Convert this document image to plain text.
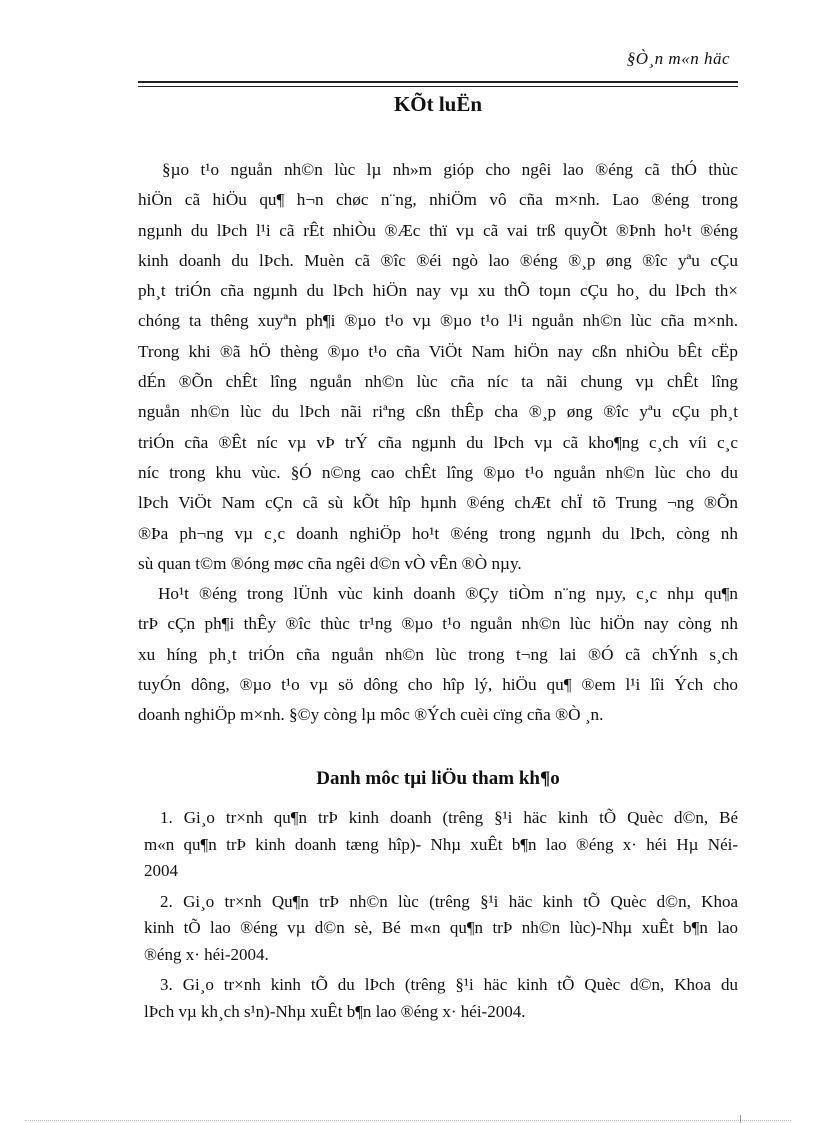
§Ò¸n m«n häc
KÕt luËn
§µo t¹o nguån nh©n lùc lµ nh»m gióp cho ngêi lao ®éng cã thÓ thùc
hiÖn cã hiÖu qu¶ h¬n chøc n¨ng, nhiÖm vô cña m×nh. Lao ®éng trong
ngµnh du lÞch l¹i cã rÊt nhiÒu ®Æc thï vµ cã vai trß quyÕt ®Þnh ho¹t ®éng
kinh doanh du lÞch. Muèn cã ®îc ®éi ngò lao ®éng ®¸p øng ®îc yªu cÇu
ph¸t triÓn cña ngµnh du lÞch hiÖn nay vµ xu thÕ toµn cÇu ho¸ du lÞch th×
chóng ta thêng xuyªn ph¶i ®µo t¹o vµ ®µo t¹o l¹i nguån nh©n lùc cña m×nh.
Trong khi ®ã hÖ thèng ®µo t¹o cña ViÖt Nam hiÖn nay cßn nhiÒu bÊt cËp
dÉn ®Õn chÊt lîng nguån nh©n lùc cña níc ta nãi chung vµ chÊt lîng
nguån nh©n lùc du lÞch nãi riªng cßn thÊp cha ®¸p øng ®îc yªu cÇu ph¸t
triÓn cña ®Êt níc vµ vÞ trÝ cña ngµnh du lÞch vµ cã kho¶ng c¸ch víi c¸c
níc trong khu vùc. §Ó n©ng cao chÊt lîng ®µo t¹o nguån nh©n lùc cho du
lÞch ViÖt Nam cÇn cã sù kÕt hîp hµnh ®éng chÆt chÏ tõ Trung ¬ng ®Õn
®Þa ph¬ng vµ c¸c doanh nghiÖp ho¹t ®éng trong ngµnh du lÞch, còng nh
sù quan t©m ®óng møc cña ngêi d©n vÒ vÊn ®Ò nµy.
Ho¹t ®éng trong lÜnh vùc kinh doanh ®Çy tiÒm n¨ng nµy, c¸c nhµ qu¶n
trÞ cÇn ph¶i thÊy ®îc thùc tr¹ng ®µo t¹o nguån nh©n lùc hiÖn nay còng nh
xu híng ph¸t triÓn cña nguån nh©n lùc trong t¬ng lai ®Ó cã chÝnh s¸ch
tuyÓn dông, ®µo t¹o vµ sö dông cho hîp lý, hiÖu qu¶ ®em l¹i lîi Ých cho
doanh nghiÖp m×nh. §©y còng lµ môc ®Ých cuèi cïng cña ®Ò ¸n.
Danh môc tµi liÖu tham kh¶o
1. Gi¸o tr×nh qu¶n trÞ kinh doanh (trêng §¹i häc kinh tÕ Quèc d©n, Bé
m«n qu¶n trÞ kinh doanh tæng hîp)- Nhµ xuÊt b¶n lao ®éng x· héi Hµ Néi-
2004
2. Gi¸o tr×nh Qu¶n trÞ nh©n lùc (trêng §¹i häc kinh tÕ Quèc d©n, Khoa
kinh tÕ lao ®éng vµ d©n sè, Bé m«n qu¶n trÞ nh©n lùc)-Nhµ xuÊt b¶n lao
®éng x· héi-2004.
3. Gi¸o tr×nh kinh tÕ du lÞch (trêng §¹i häc kinh tÕ Quèc d©n, Khoa du
lÞch vµ kh¸ch s¹n)-Nhµ xuÊt b¶n lao ®éng x· héi-2004.
